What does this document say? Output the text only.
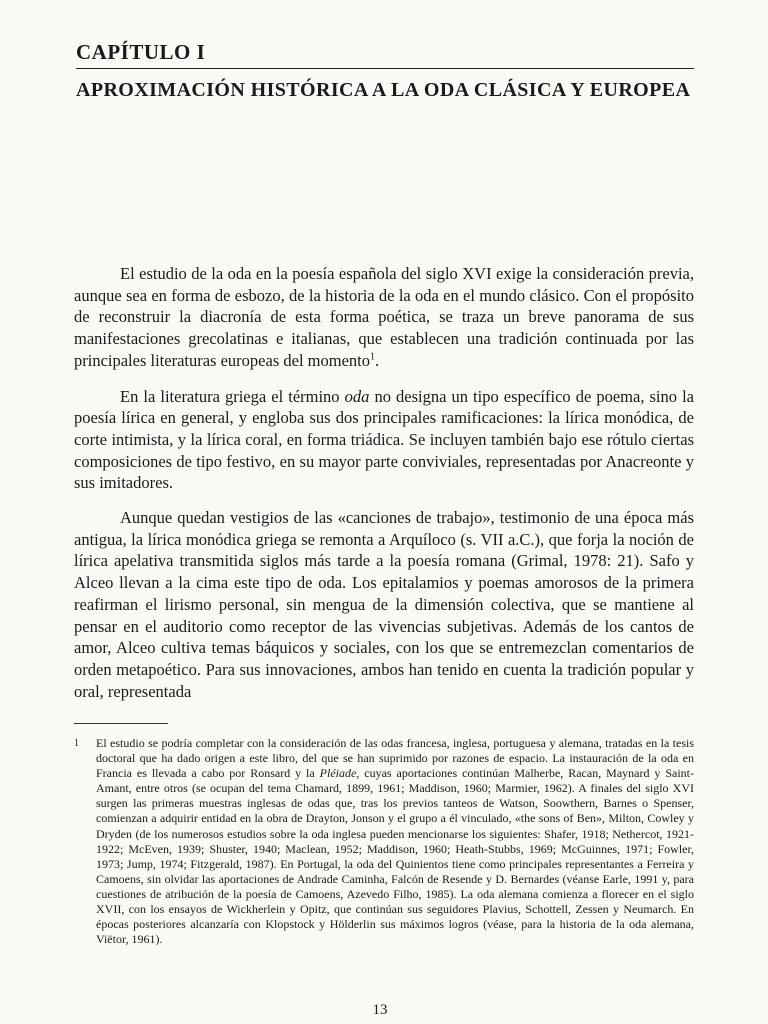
CAPÍTULO I
APROXIMACIÓN HISTÓRICA A LA ODA CLÁSICA Y EUROPEA

El estudio de la oda en la poesía española del siglo XVI exige la consideración previa, aunque sea en forma de esbozo, de la historia de la oda en el mundo clásico. Con el propósito de reconstruir la diacronía de esta forma poética, se traza un breve panorama de sus manifestaciones grecolatinas e italianas, que establecen una tradición continuada por las principales literaturas europeas del momento$^1$.

En la literatura griega el término oda no designa un tipo específico de poema, sino la poesía lírica en general, y engloba sus dos principales ramificaciones: la lírica monódica, de corte intimista, y la lírica coral, en forma triádica. Se incluyen también bajo ese rótulo ciertas composiciones de tipo festivo, en su mayor parte conviviales, representadas por Anacreonte y sus imitadores.

Aunque quedan vestigios de las «canciones de trabajo», testimonio de una época más antigua, la lírica monódica griega se remonta a Arquíloco (s. VII a.C.), que forja la noción de lírica apelativa transmitida siglos más tarde a la poesía romana (Grimal, 1978: 21). Safo y Alceo llevan a la cima este tipo de oda. Los epitalamios y poemas amorosos de la primera reafirman el lirismo personal, sin mengua de la dimensión colectiva, que se mantiene al pensar en el auditorio como receptor de las vivencias subjetivas. Además de los cantos de amor, Alceo cultiva temas báquicos y sociales, con los que se entremezclan comentarios de orden metapoético. Para sus innovaciones, ambos han tenido en cuenta la tradición popular y oral, representada

1 El estudio se podría completar con la consideración de las odas francesa, inglesa, portuguesa y alemana, tratadas en la tesis doctoral que ha dado origen a este libro, del que se han suprimido por razones de espacio. La instauración de la oda en Francia es llevada a cabo por Ronsard y la Pléiade, cuyas aportaciones continúan Malherbe, Racan, Maynard y Saint-Amant, entre otros (se ocupan del tema Chamard, 1899, 1961; Maddison, 1960; Marmier, 1962). A finales del siglo XVI surgen las primeras muestras inglesas de odas que, tras los previos tanteos de Watson, Soowthern, Barnes o Spenser, comienzan a adquirir entidad en la obra de Drayton, Jonson y el grupo a él vinculado, «the sons of Ben», Milton, Cowley y Dryden (de los numerosos estudios sobre la oda inglesa pueden mencionarse los siguientes: Shafer, 1918; Nethercot, 1921-1922; McEven, 1939; Shuster, 1940; Maclean, 1952; Maddison, 1960; Heath-Stubbs, 1969; McGuinnes, 1971; Fowler, 1973; Jump, 1974; Fitzgerald, 1987). En Portugal, la oda del Quinientos tiene como principales representantes a Ferreira y Camoens, sin olvidar las aportaciones de Andrade Caminha, Falcón de Resende y D. Bernardes (véanse Earle, 1991 y, para cuestiones de atribución de la poesía de Camoens, Azevedo Filho, 1985). La oda alemana comienza a florecer en el siglo XVII, con los ensayos de Wickherlein y Opitz, que continúan sus seguidores Plavius, Schottell, Zessen y Neumarch. En épocas posteriores alcanzaría con Klopstock y Hölderlin sus máximos logros (véase, para la historia de la oda alemana, Viëtor, 1961).
13
